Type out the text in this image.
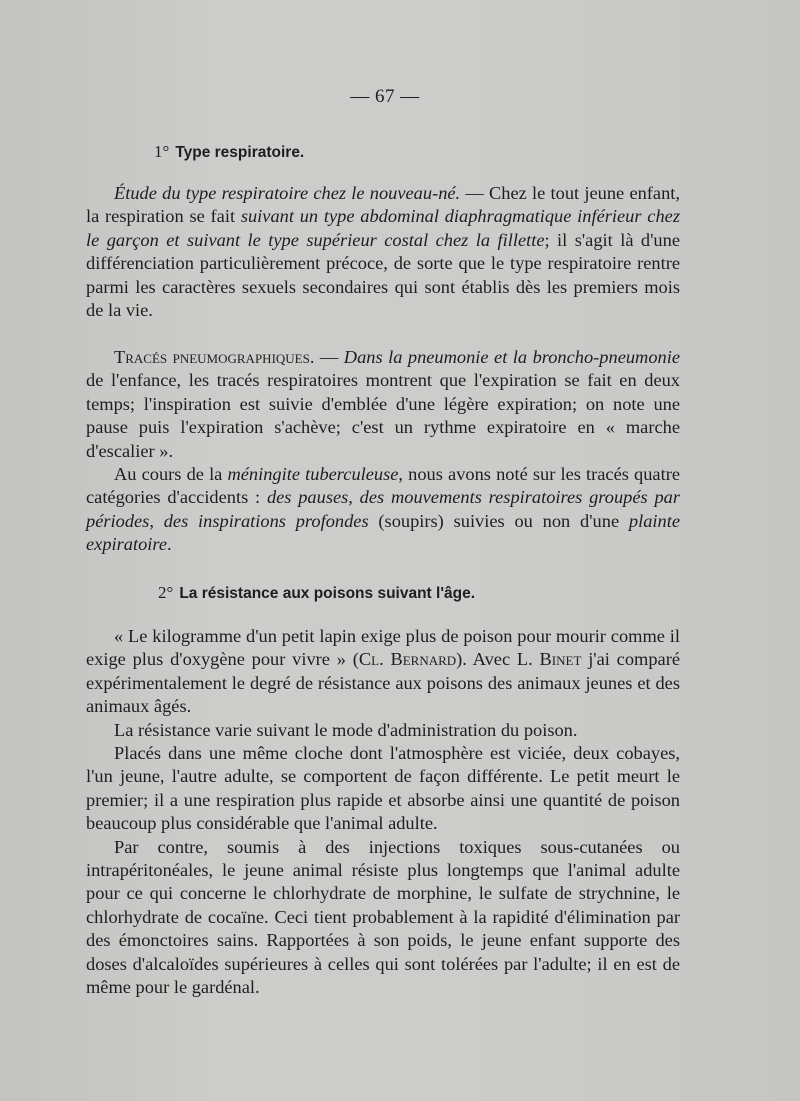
— 67 —
1° Type respiratoire.

Étude du type respiratoire chez le nouveau-né. — Chez le tout jeune enfant, la respiration se fait suivant un type abdominal diaphragmatique inférieur chez le garçon et suivant le type supérieur costal chez la fillette; il s'agit là d'une différenciation particulièrement précoce, de sorte que le type respiratoire rentre parmi les caractères sexuels secondaires qui sont établis dès les premiers mois de la vie.

Tracés pneumographiques. — Dans la pneumonie et la broncho-pneumonie de l'enfance, les tracés respiratoires montrent que l'expiration se fait en deux temps; l'inspiration est suivie d'emblée d'une légère expiration; on note une pause puis l'expiration s'achève; c'est un rythme expiratoire en « marche d'escalier ».

Au cours de la méningite tuberculeuse, nous avons noté sur les tracés quatre catégories d'accidents : des pauses, des mouvements respiratoires groupés par périodes, des inspirations profondes (soupirs) suivies ou non d'une plainte expiratoire.

2° La résistance aux poisons suivant l'âge.

« Le kilogramme d'un petit lapin exige plus de poison pour mourir comme il exige plus d'oxygène pour vivre » (Cl. Bernard). Avec L. Binet j'ai comparé expérimentalement le degré de résistance aux poisons des animaux jeunes et des animaux âgés.

La résistance varie suivant le mode d'administration du poison.

Placés dans une même cloche dont l'atmosphère est viciée, deux cobayes, l'un jeune, l'autre adulte, se comportent de façon différente. Le petit meurt le premier; il a une respiration plus rapide et absorbe ainsi une quantité de poison beaucoup plus considérable que l'animal adulte.

Par contre, soumis à des injections toxiques sous-cutanées ou intrapéritonéales, le jeune animal résiste plus longtemps que l'animal adulte pour ce qui concerne le chlorhydrate de morphine, le sulfate de strychnine, le chlorhydrate de cocaïne. Ceci tient probablement à la rapidité d'élimination par des émonctoires sains. Rapportées à son poids, le jeune enfant supporte des doses d'alcaloïdes supérieures à celles qui sont tolérées par l'adulte; il en est de même pour le gardénal.
